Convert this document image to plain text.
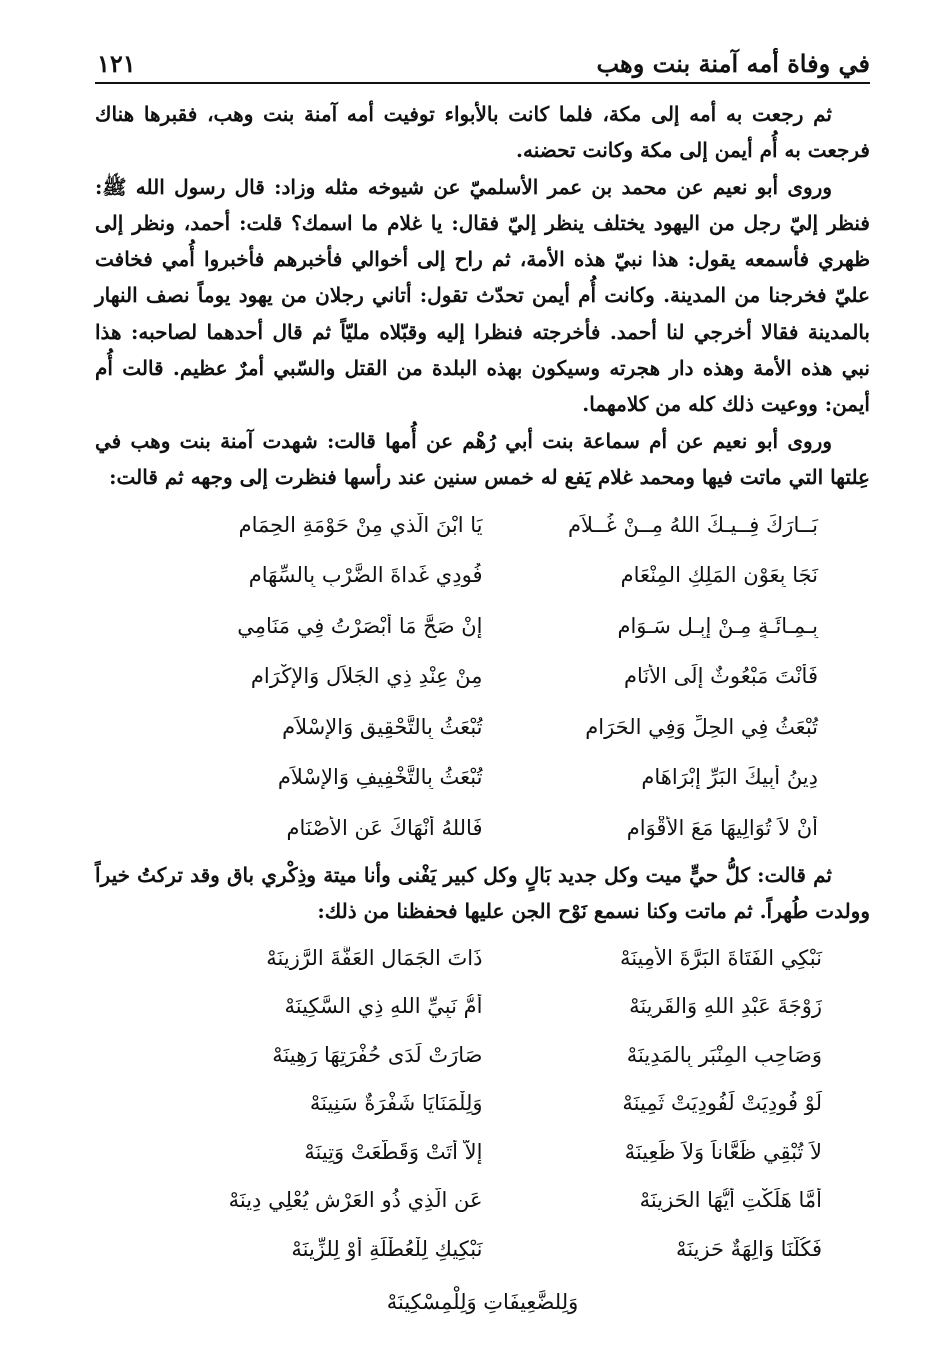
في وفاة أمه آمنة بنت وهب
١٢١

ثم رجعت به أمه إلى مكة، فلما كانت بالأبواء توفيت أمه آمنة بنت وهب، فقبرها هناك فرجعت به أُم أيمن إلى مكة وكانت تحضنه.

وروى أبو نعيم عن محمد بن عمر الأسلميّ عن شيوخه مثله وزاد: قال رسول الله ﷺ: فنظر إليّ رجل من اليهود يختلف ينظر إليّ فقال: يا غلام ما اسمك؟ قلت: أحمد، ونظر إلى ظهري فأسمعه يقول: هذا نبيّ هذه الأمة، ثم راح إلى أخوالي فأخبرهم فأخبروا أُمي فخافت عليّ فخرجنا من المدينة. وكانت أُم أيمن تحدّث تقول: أتاني رجلان من يهود يوماً نصف النهار بالمدينة فقالا أخرجي لنا أحمد. فأخرجته فنظرا إليه وقبّلاه مليّاً ثم قال أحدهما لصاحبه: هذا نبي هذه الأمة وهذه دار هجرته وسيكون بهذه البلدة من القتل والسّبي أمرٌ عظيم. قالت أُم أيمن: ووعيت ذلك كله من كلامهما.

وروى أبو نعيم عن أم سماعة بنت أبي رُهْم عن أُمها قالت: شهدت آمنة بنت وهب في عِلتها التي ماتت فيها ومحمد غلام يَفع له خمس سنين عند رأسها فنظرت إلى وجهه ثم قالت:

بَــارَكَ فِــيـكَ اللهُ مِــنْ غُــلاَمِ
يَا ابْنَ الَّذي مِنْ حَوْمَةِ الحِمَامِ
نَجَا بِعَوْنِ المَلِكِ المِنْعَامِ
فُودِي غَداةَ الضَّرْبِ بِالسِّهَامِ
بِـمِـائَـةٍ مِـنْ إِبِـلٍ سَـوَامِ
إِنْ صَحَّ مَا أَبْصَرْتُ فِي مَنَامِي
فَأَنْتَ مَبْعُوثٌ إِلَى الأَنَامِ
مِنْ عِنْدِ ذِي الجَلاَلِ وَالإِكْرَامِ
تُبْعَثُ فِي الحِلِّ وَفِي الحَرَامِ
تُبْعَثُ بِالتَّحْقِيقِ وَالإِسْلاَمِ
دِينُ أَبِيكَ البَرِّ إِبْرَاهَامِ
تُبْعَثُ بِالتَّخْفِيفِ وَالإِسْلاَمِ
أَنْ لاَ تُوَالِيهَا مَعَ الأَقْوَامِ
فَاللهُ أَنْهَاكَ عَنِ الأَصْنَامِ

ثم قالت: كلُّ حيٍّ ميت وكل جديد بَالٍ وكل كبير يَفْنى وأنا ميتة وذِكْري باق وقد تركتُ خيراً وولدت طُهراً. ثم ماتت وكنا نسمع نَوْح الجن عليها فحفظنا من ذلك:

نَبْكِي الفَتَاةَ البَرَّةَ الأَمِينَهْ
ذَاتَ الجَمَالِ العَفَّةَ الرَّزِينَهْ
زَوْجَةَ عَبْدِ اللهِ وَالقَرِينَهْ
أُمُّ نَبِيِّ اللهِ ذِي السَّكِينَهْ
وَصَاحِبِ المِنْبَرِ بِالمَدِينَهْ
صَارَتْ لَدَى حُفْرَتِهَا رَهِينَهْ
لَوْ فُودِيَتْ لَفُودِيَتْ ثَمِينَهْ
وَلِلْمَنَايَا شَفْرَةٌ سَنِينَهْ
لاَ تُبْقِي ظَعَّاناً وَلاَ ظَعِينَهْ
إِلاَّ أَتَتْ وَقَطَّعَتْ وَتِينَهْ
أَمَّا هَلَكْتِ أَيُّهَا الحَزِينَهْ
عَنِ الَّذِي ذُو العَرْشِ يُعْلِي دِينَهْ
فَكُلُّنَا وَالِهَةٌ حَزِينَهْ
نَبْكِيكِ لِلْعُطْلَةِ أَوْ لِلزِّينَهْ
وَلِلضَّعِيفَاتِ وَلِلْمِسْكِينَهْ
